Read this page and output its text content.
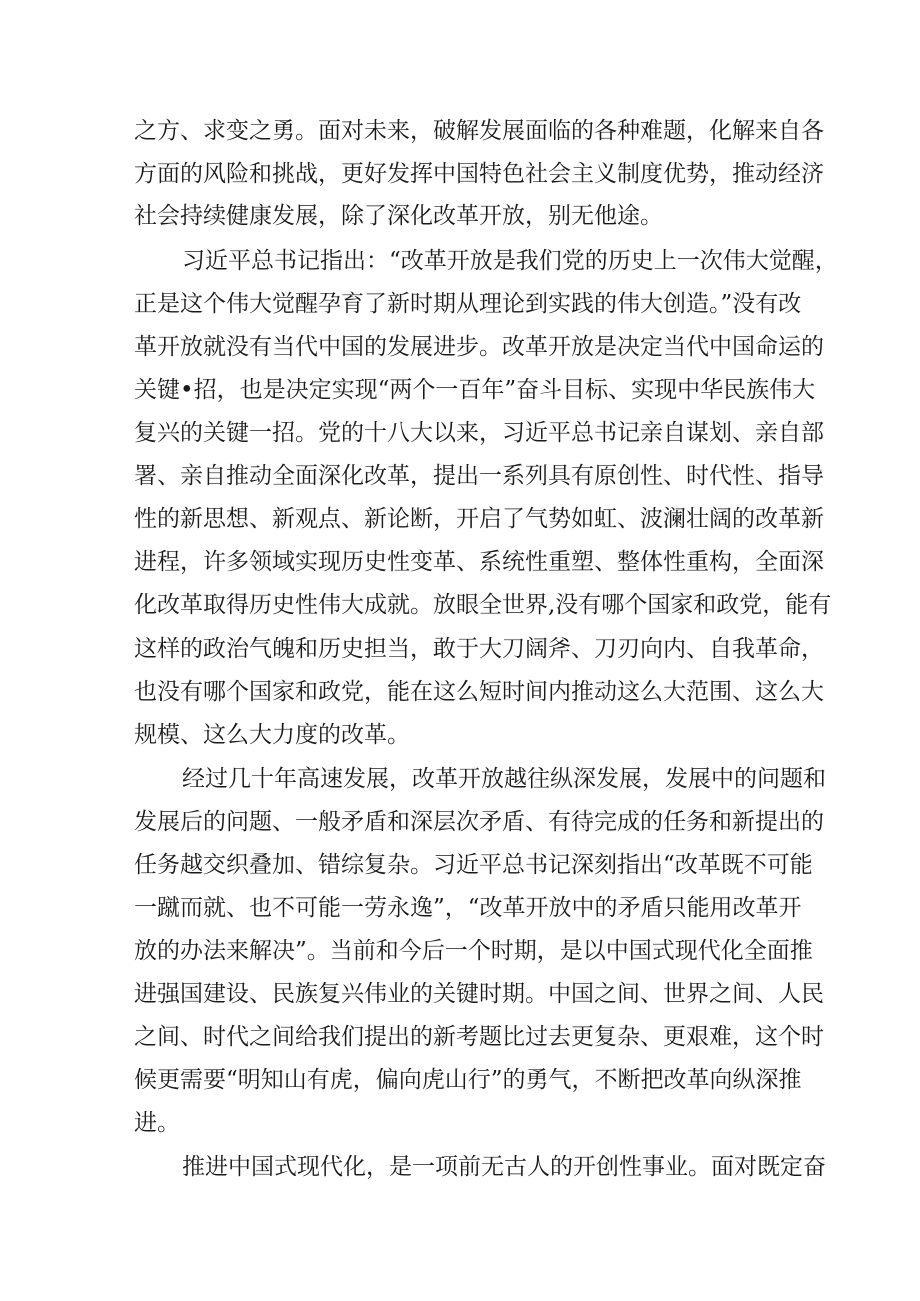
之方、求变之勇。面对未来，破解发展面临的各种难题，化解来自各
方面的风险和挑战，更好发挥中国特色社会主义制度优势，推动经济
社会持续健康发展，除了深化改革开放，别无他途。
习近平总书记指出：“改革开放是我们党的历史上一次伟大觉醒，
正是这个伟大觉醒孕育了新时期从理论到实践的伟大创造。”没有改
革开放就没有当代中国的发展进步。改革开放是决定当代中国命运的
关键•招，也是决定实现“两个一百年”奋斗目标、实现中华民族伟大
复兴的关键一招。党的十八大以来，习近平总书记亲自谋划、亲自部
署、亲自推动全面深化改革，提出一系列具有原创性、时代性、指导
性的新思想、新观点、新论断，开启了气势如虹、波澜壮阔的改革新
进程，许多领域实现历史性变革、系统性重塑、整体性重构，全面深
化改革取得历史性伟大成就。放眼全世界,没有哪个国家和政党，能有
这样的政治气魄和历史担当，敢于大刀阔斧、刀刃向内、自我革命，
也没有哪个国家和政党，能在这么短时间内推动这么大范围、这么大
规模、这么大力度的改革。
经过几十年高速发展，改革开放越往纵深发展，发展中的问题和
发展后的问题、一般矛盾和深层次矛盾、有待完成的任务和新提出的
任务越交织叠加、错综复杂。习近平总书记深刻指出“改革既不可能
一蹴而就、也不可能一劳永逸”，“改革开放中的矛盾只能用改革开
放的办法来解决”。当前和今后一个时期，是以中国式现代化全面推
进强国建设、民族复兴伟业的关键时期。中国之间、世界之间、人民
之间、时代之间给我们提出的新考题比过去更复杂、更艰难，这个时
候更需要“明知山有虎，偏向虎山行”的勇气，不断把改革向纵深推
进。
推进中国式现代化，是一项前无古人的开创性事业。面对既定奋
